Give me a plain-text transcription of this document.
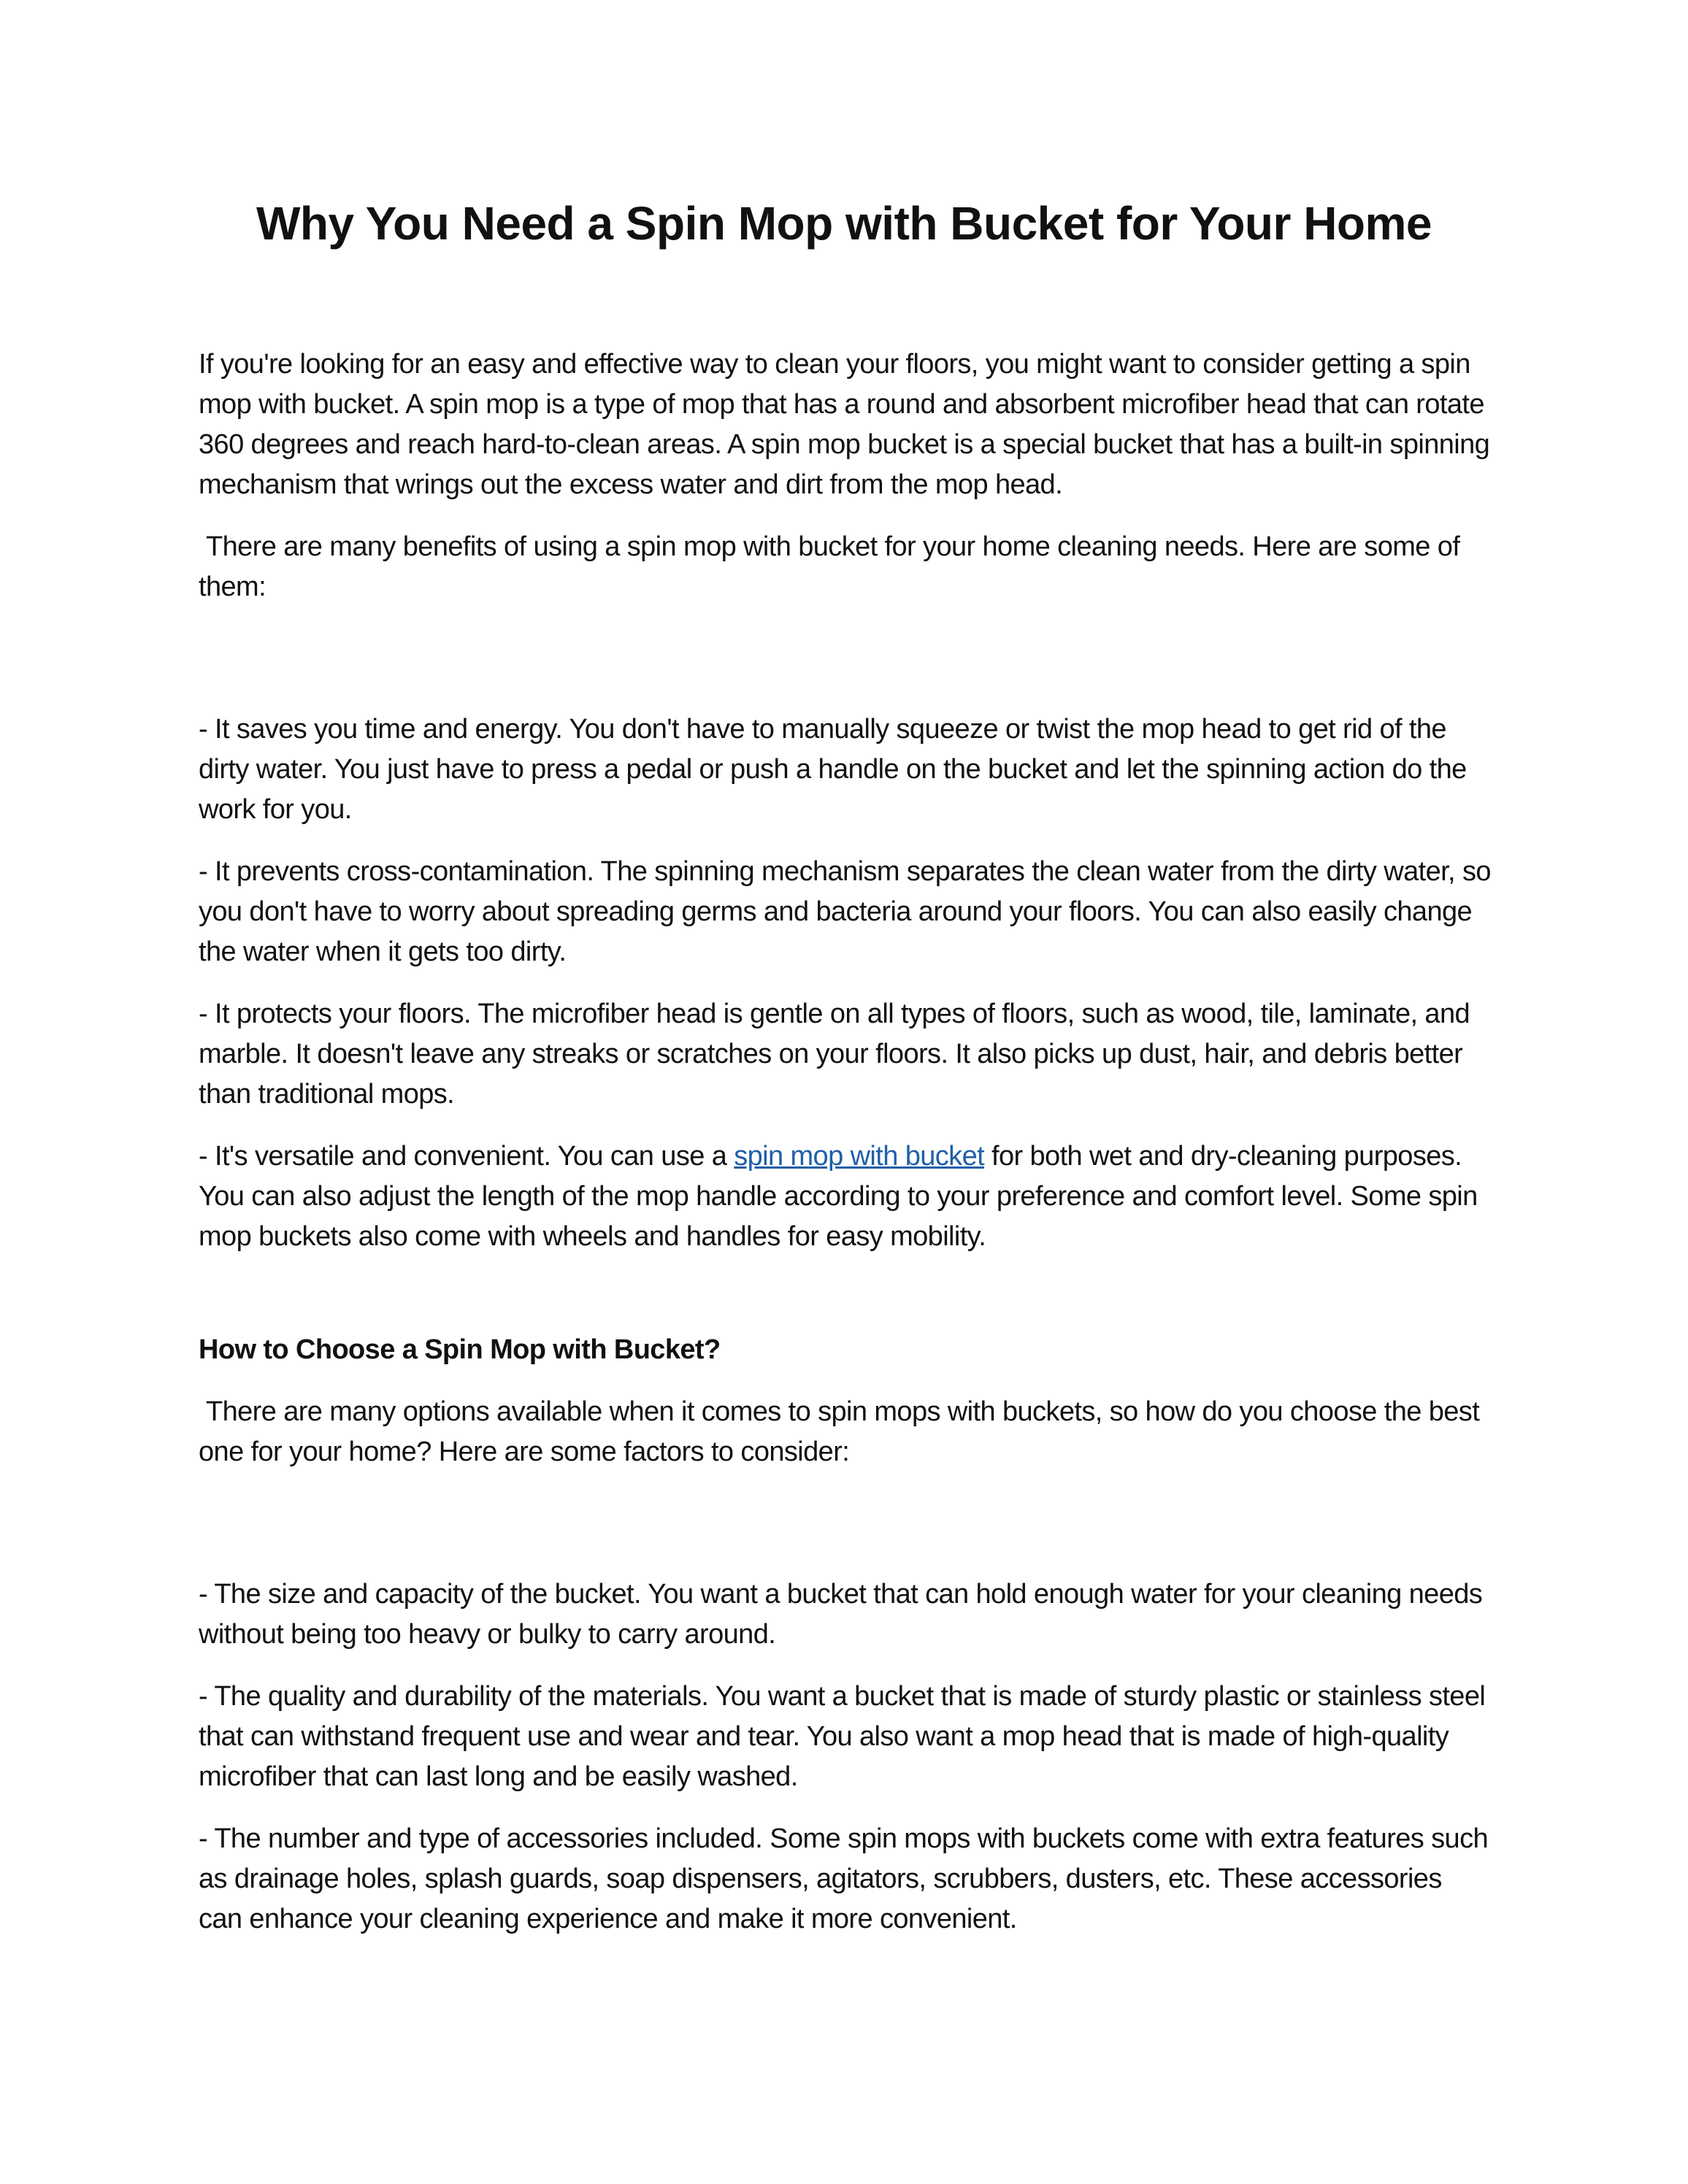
Why You Need a Spin Mop with Bucket for Your Home

If you're looking for an easy and effective way to clean your floors, you might want to consider getting a spin mop with bucket. A spin mop is a type of mop that has a round and absorbent microfiber head that can rotate 360 degrees and reach hard-to-clean areas. A spin mop bucket is a special bucket that has a built-in spinning mechanism that wrings out the excess water and dirt from the mop head.

There are many benefits of using a spin mop with bucket for your home cleaning needs. Here are some of them:

- It saves you time and energy. You don't have to manually squeeze or twist the mop head to get rid of the dirty water. You just have to press a pedal or push a handle on the bucket and let the spinning action do the work for you.

- It prevents cross-contamination. The spinning mechanism separates the clean water from the dirty water, so you don't have to worry about spreading germs and bacteria around your floors. You can also easily change the water when it gets too dirty.

- It protects your floors. The microfiber head is gentle on all types of floors, such as wood, tile, laminate, and marble. It doesn't leave any streaks or scratches on your floors. It also picks up dust, hair, and debris better than traditional mops.

- It's versatile and convenient. You can use a spin mop with bucket for both wet and dry-cleaning purposes. You can also adjust the length of the mop handle according to your preference and comfort level. Some spin mop buckets also come with wheels and handles for easy mobility.

How to Choose a Spin Mop with Bucket?

There are many options available when it comes to spin mops with buckets, so how do you choose the best one for your home? Here are some factors to consider:

- The size and capacity of the bucket. You want a bucket that can hold enough water for your cleaning needs without being too heavy or bulky to carry around.

- The quality and durability of the materials. You want a bucket that is made of sturdy plastic or stainless steel that can withstand frequent use and wear and tear. You also want a mop head that is made of high-quality microfiber that can last long and be easily washed.

- The number and type of accessories included. Some spin mops with buckets come with extra features such as drainage holes, splash guards, soap dispensers, agitators, scrubbers, dusters, etc. These accessories can enhance your cleaning experience and make it more convenient.
